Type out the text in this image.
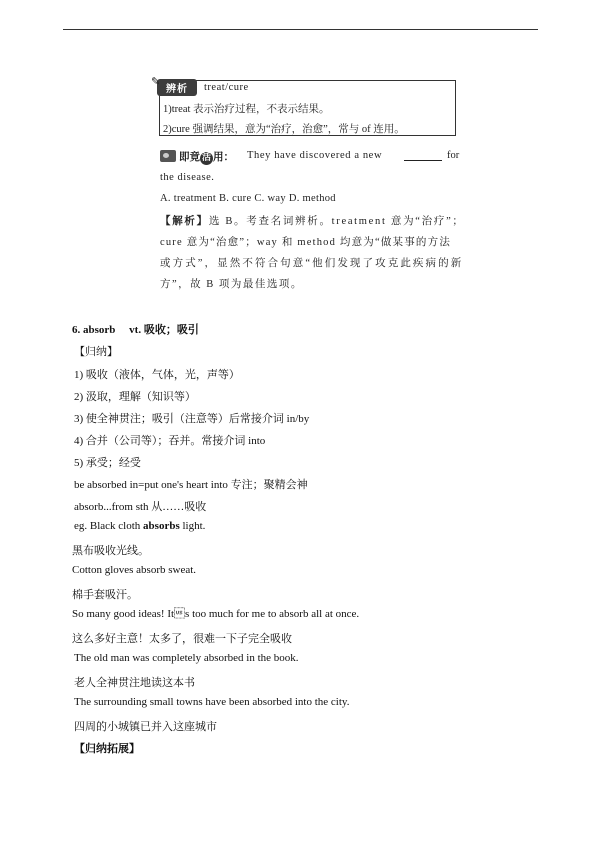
✎
辨析 treat/cure
1)treat 表示治疗过程，不表示结果。
2)cure 强调结果，意为“治疗，治愈”，常与 of 连用。
即竟 活 用： They have discovered a new	for
the disease.
A. treatment B. cure C. way D. method
【解析】选 B。考查名词辨析。treatment 意为“治疗”；
cure 意为“治愈”；way 和 method 均意为“做某事的方法
或方式”，显然不符合句意“他们发现了攻克此疾病的新
方”，故 B 项为最佳选项。
6. absorb vt. 吸收；吸引
【归纳】
1) 吸收（液体，气体，光，声等）
2) 汲取，理解（知识等）
3) 使全神贯注；吸引（注意等）后常接介词 in/by
4) 合并（公司等）；吞并。常接介词 into
5) 承受；经受
be absorbed in=put one's heart into 专注；聚精会神
absorb...from sth 从……吸收
eg. Black cloth absorbs light.
黑布吸收光线。
Cotton gloves absorb sweat.
棉手套吸汗。
So many good ideas! Its too much for me to absorb all at once.
这么多好主意！太多了，很难一下子完全吸收
The old man was completely absorbed in the book.
老人全神贯注地读这本书
The surrounding small towns have been absorbed into the city.
四周的小城镇已并入这座城市
【归纳拓展】
